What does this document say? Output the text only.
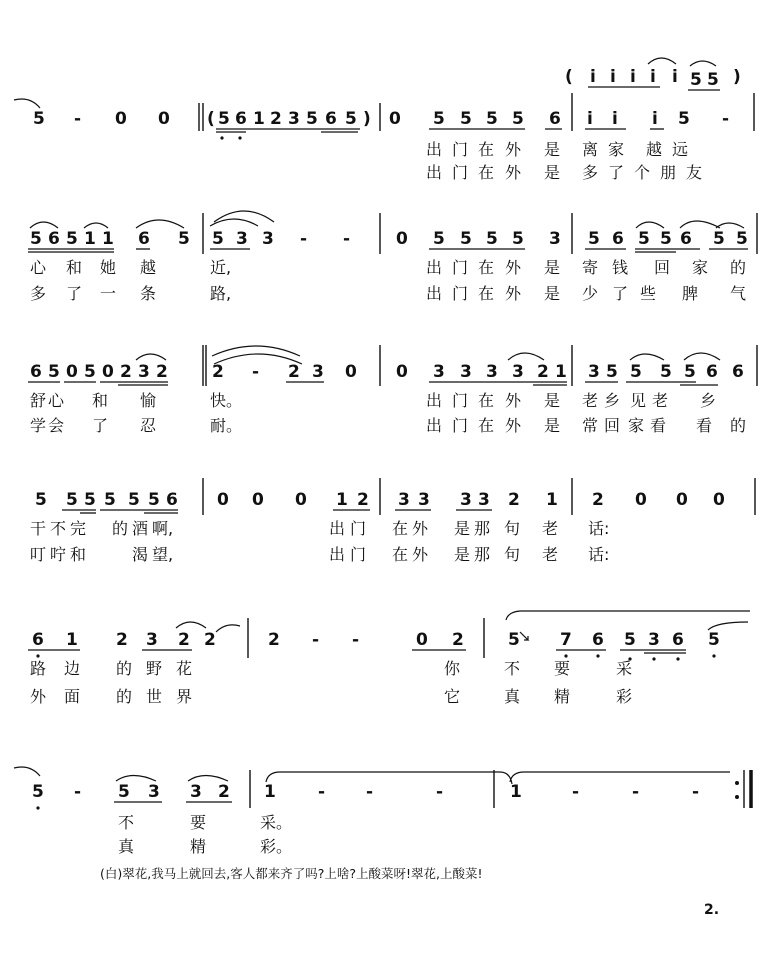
( i i i i i 5 5 )
5 - 0 0 ( 5 6 1 2 3 5 6 5 ) 0 5 5 5 5 6 i i i 5 -
出 门 在 外 是 离 家 越 远
出 门 在 外 是 多 了 个 朋 友
5 6 5 1 1 6 5 5 3 3 - -	0 5 5 5 5 3 5 6 5 5 6 5 5
心 和 她 越	近,	出 门 在 外 是 寄 钱 回 家 的
多 了 一 条	路,	出 门 在 外 是 少 了 些 脾 气
6 5 0 5 0 2 3 2	2 - 2 3 0 0 3 3 3 3 2 1 3 5 5 5 5 6 6
舒 心 和 愉	快。	出 门 在 外 是 老 乡 见 老 乡
学 会 了 忍	耐。	出 门 在 外 是 常 回 家 看 看 的
5 5 5 5 5 5 6 0 0 0 1 2 3 3 3 3 2 1 2 0 0 0
干 不 完 的 酒 啊,	出 门 在 外 是 那 句 老 话:
叮 咛 和	渴 望,	出 门 在 外 是 那 句 老 话:
6 1 2 3 2 2	2 - -	0 2	5 7 6 5 3 6 5
路 边 的 野 花	你	不 要	采
外 面 的 世 界	它	真 精	彩
5 - 5 3 3 2 1 - -	-	1	-	-	-
不	要	采。
真	精	彩。
(白)翠花,我马上就回去,客人都来齐了吗?上啥?上酸菜呀!翠花,上酸菜!
2.
